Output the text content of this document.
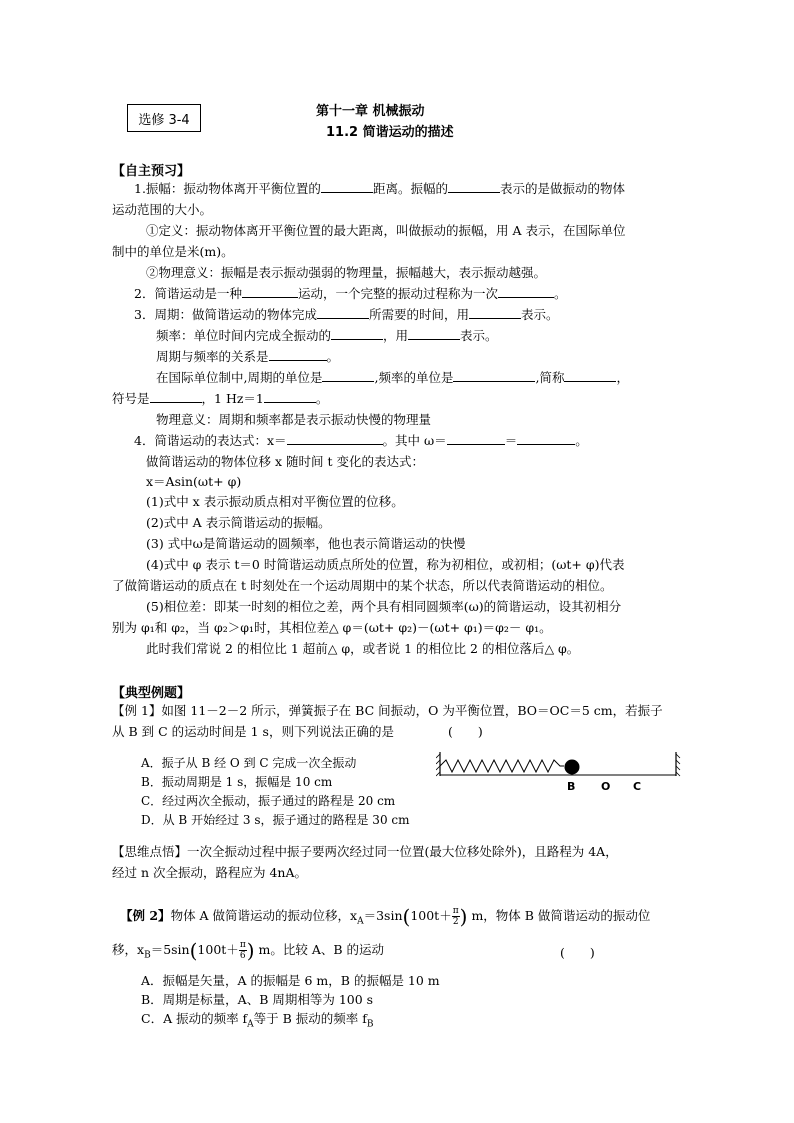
选修 3-4
第十一章 机械振动
11.2 简谐运动的描述
【自主预习】
1.振幅：振动物体离开平衡位置的	距离。振幅的	表示的是做振动的物体
运动范围的大小。
①定义：振动物体离开平衡位置的最大距离，叫做振动的振幅，用 A 表示，在国际单位
制中的单位是米(m)。
②物理意义：振幅是表示振动强弱的物理量，振幅越大，表示振动越强。
2．简谐运动是一种	运动，一个完整的振动过程称为一次	。
3．周期：做简谐运动的物体完成	所需要的时间，用	表示。
频率：单位时间内完成全振动的	，用	表示。
周期与频率的关系是	。
在国际单位制中,周期的单位是	,频率的单位是	,简称	，
符号是	，1 Hz＝1	。
物理意义：周期和频率都是表示振动快慢的物理量
4．简谐运动的表达式：x＝	。其中 ω＝	＝	。
做简谐运动的物体位移 x 随时间 t 变化的表达式：
x＝Asin(ωt+ φ)
(1)式中 x 表示振动质点相对平衡位置的位移。
(2)式中 A 表示简谐运动的振幅。
(3) 式中ω是简谐运动的圆频率，他也表示简谐运动的快慢
(4)式中 φ 表示 t＝0 时简谐运动质点所处的位置，称为初相位，或初相；(ωt+ φ)代表
了做简谐运动的质点在 t 时刻处在一个运动周期中的某个状态，所以代表简谐运动的相位。
(5)相位差：即某一时刻的相位之差，两个具有相同圆频率(ω)的简谐运动，设其初相分
别为 φ₁和 φ₂，当 φ₂＞φ₁时，其相位差△ φ＝(ωt+ φ₂)－(ωt+ φ₁)＝φ₂－ φ₁。
此时我们常说 2 的相位比 1 超前△ φ，或者说 1 的相位比 2 的相位落后△ φ。
【典型例题】
【例 1】如图 11－2－2 所示，弹簧振子在 BC 间振动，O 为平衡位置，BO＝OC＝5 cm，若振子
从 B 到 C 的运动时间是 1 s，则下列说法正确的是	(　　)
A．振子从 B 经 O 到 C 完成一次全振动
B．振动周期是 1 s，振幅是 10 cm
C．经过两次全振动，振子通过的路程是 20 cm
D．从 B 开始经过 3 s，振子通过的路程是 30 cm
B O C
【思维点悟】一次全振动过程中振子要两次经过同一位置(最大位移处除外)，且路程为 4A，
经过 n 次全振动，路程应为 4nA。
【例 2】物体 A 做简谐运动的振动位移，$x_A=3\sin(100t+ \frac{\pi}{2}$ ) m，物体 B 做简谐运动的振动位
移，$x_B=5\sin(100t+ \frac{\pi}{6}$ ) m。比较 A、B 的运动	(　　)
A．振幅是矢量，A 的振幅是 6 m，B 的振幅是 10 m
B．周期是标量，A、B 周期相等为 100 s
C．A 振动的频率 $f_A$等于 B 振动的频率 $f_B$
